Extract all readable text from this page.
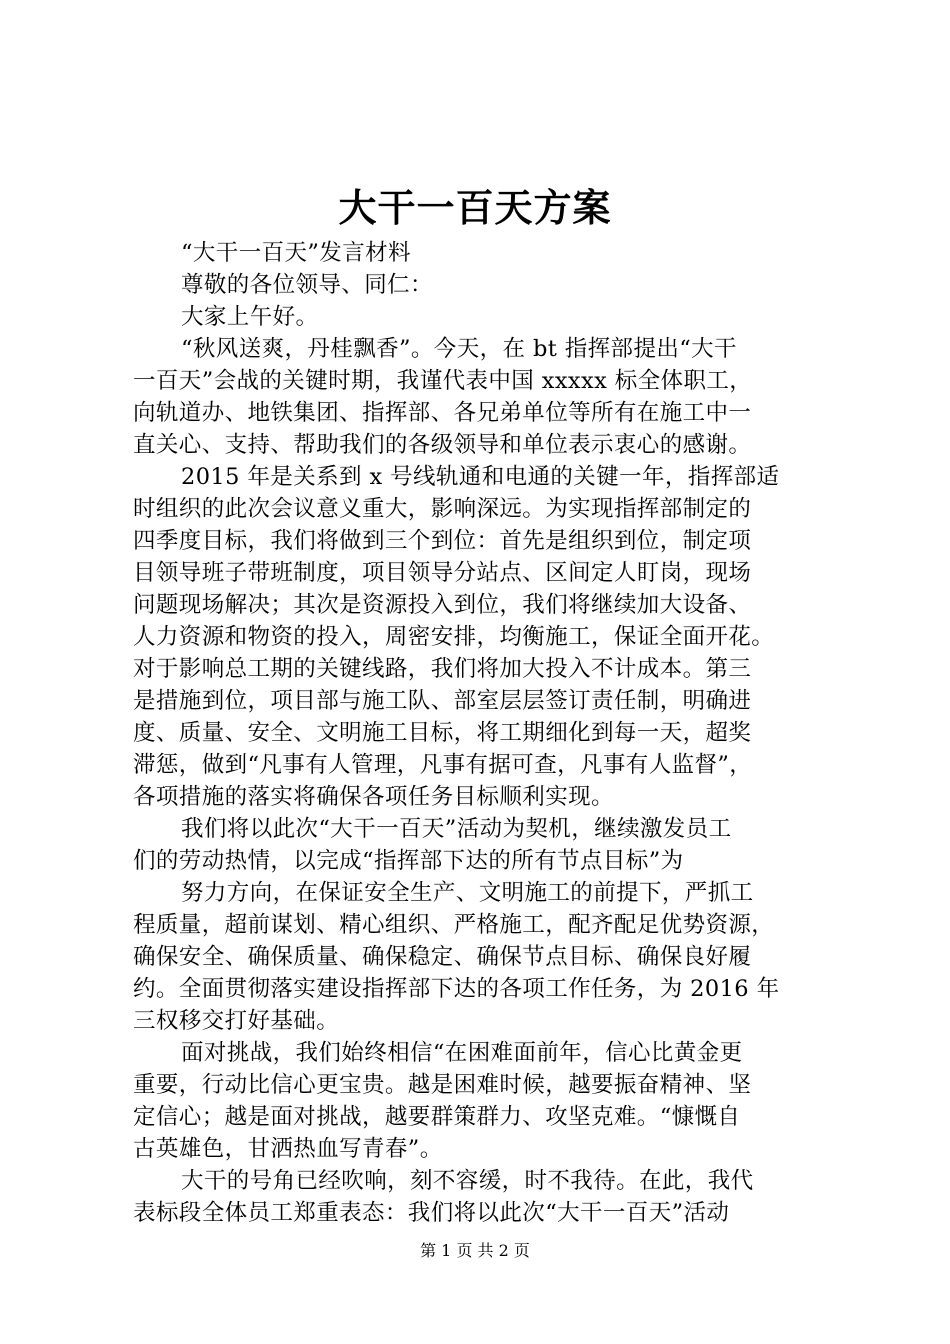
大干一百天方案
“大干一百天”发言材料
尊敬的各位领导、同仁：
大家上午好。
“秋风送爽，丹桂飘香”。今天，在 bt 指挥部提出“大干
一百天”会战的关键时期，我谨代表中国 xxxxx 标全体职工，
向轨道办、地铁集团、指挥部、各兄弟单位等所有在施工中一
直关心、支持、帮助我们的各级领导和单位表示衷心的感谢。
2015 年是关系到 x 号线轨通和电通的关键一年，指挥部适
时组织的此次会议意义重大，影响深远。为实现指挥部制定的
四季度目标，我们将做到三个到位：首先是组织到位，制定项
目领导班子带班制度，项目领导分站点、区间定人盯岗，现场
问题现场解决；其次是资源投入到位，我们将继续加大设备、
人力资源和物资的投入，周密安排，均衡施工，保证全面开花。
对于影响总工期的关键线路，我们将加大投入不计成本。第三
是措施到位，项目部与施工队、部室层层签订责任制，明确进
度、质量、安全、文明施工目标，将工期细化到每一天，超奖
滞惩，做到“凡事有人管理，凡事有据可查，凡事有人监督”，
各项措施的落实将确保各项任务目标顺利实现。
我们将以此次“大干一百天”活动为契机，继续激发员工
们的劳动热情，以完成“指挥部下达的所有节点目标”为
努力方向，在保证安全生产、文明施工的前提下，严抓工
程质量，超前谋划、精心组织、严格施工，配齐配足优势资源，
确保安全、确保质量、确保稳定、确保节点目标、确保良好履
约。全面贯彻落实建设指挥部下达的各项工作任务，为 2016 年
三权移交打好基础。
面对挑战，我们始终相信“在困难面前年，信心比黄金更
重要，行动比信心更宝贵。越是困难时候，越要振奋精神、坚
定信心；越是面对挑战，越要群策群力、攻坚克难。“慷慨自
古英雄色，甘洒热血写青春”。
大干的号角已经吹响，刻不容缓，时不我待。在此，我代
表标段全体员工郑重表态：我们将以此次“大干一百天”活动
第 1 页 共 2 页
